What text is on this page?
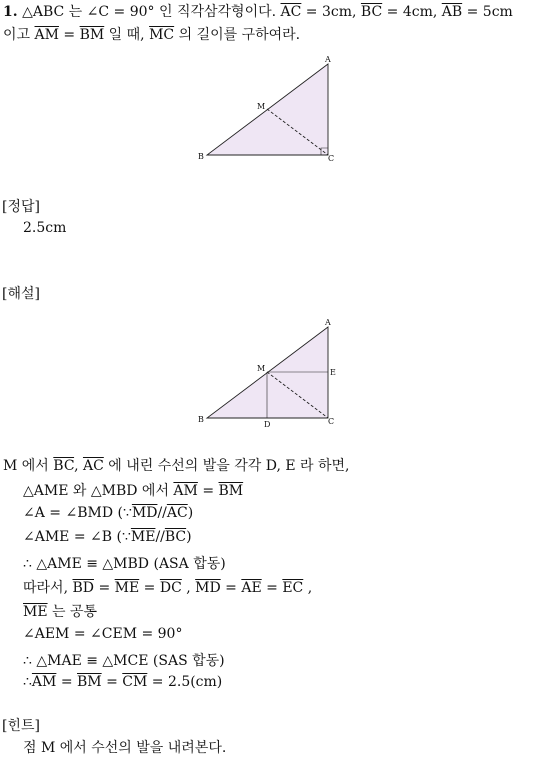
1. △ABC 는 ∠C = 90° 인 직각삼각형이다. $\overline{AC} = 3cm$, $\overline{BC} = 4cm$, $\overline{AB} = 5cm$
이고 $\overline{AM} = \overline{BM}$ 일 때, $\overline{MC}$ 의 길이를 구하여라.
A
B	C
M
[정답]
2.5cm
[해설]
A
B	C
M
D
E
M 에서 $\overline{BC}$, $\overline{AC}$ 에 내린 수선의 발을 각각 D, E 라 하면,
△AME 와 △MBD 에서 $\overline{AM} = \overline{BM}$
∠A = ∠BMD $(\because\overline{MD}//\overline{AC})$
∠AME = ∠B $(\because\overline{ME}//\overline{BC})$
∴ △AME ≡ △MBD (ASA 합동)
따라서, $\overline{BD} = \overline{ME} = \overline{DC}$ , $\overline{MD} = \overline{AE} = \overline{EC}$ ,
$\overline{ME}$ 는 공통
∠AEM = ∠CEM = 90°
∴ △MAE ≡ △MCE (SAS 합동)
$\therefore\overline{AM} = \overline{BM} = \overline{CM} = 2.5(cm)$
[힌트]
점 M 에서 수선의 발을 내려본다.
